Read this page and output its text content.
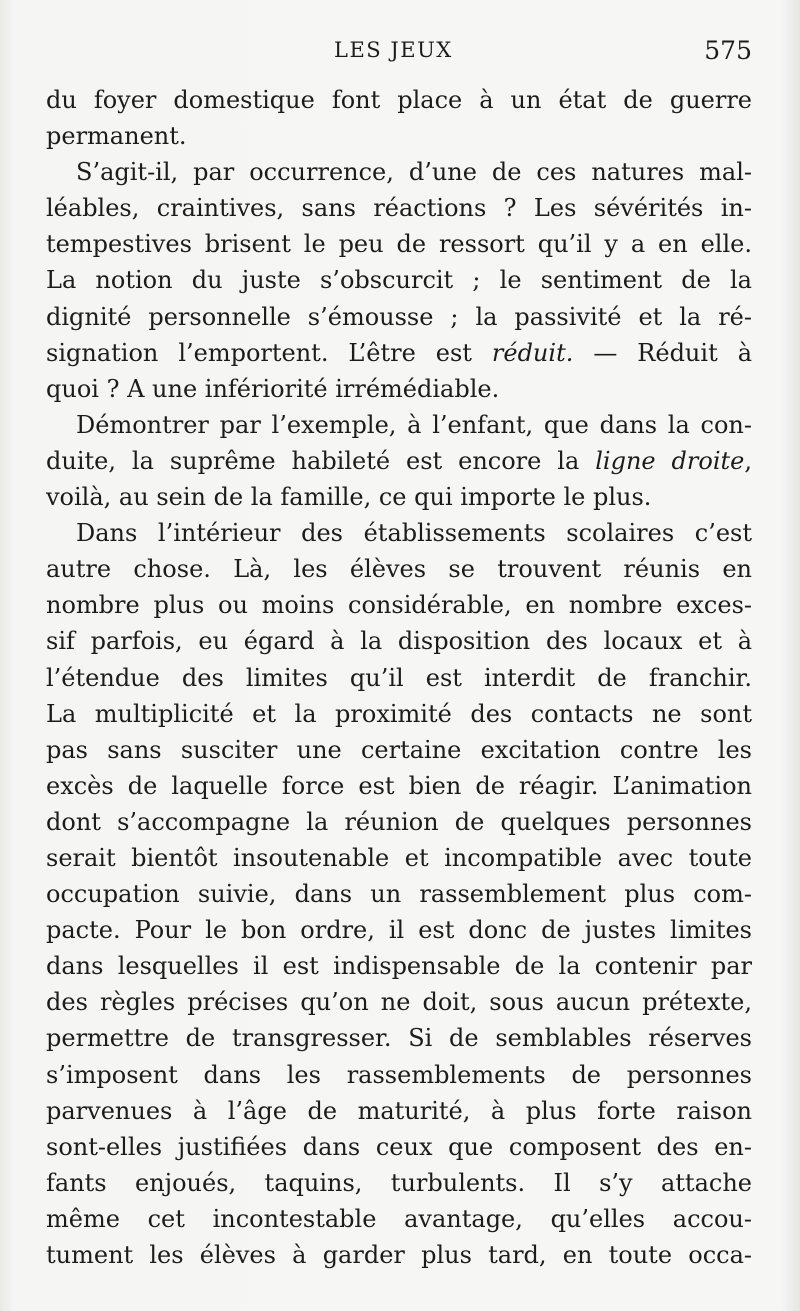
LES JEUX	575
du foyer domestique font place à un état de guerre
permanent.
S’agit-il, par occurrence, d’une de ces natures mal-
léables, craintives, sans réactions ? Les sévérités in-
tempestives brisent le peu de ressort qu’il y a en elle.
La notion du juste s’obscurcit ; le sentiment de la
dignité personnelle s’émousse ; la passivité et la ré-
signation l’emportent. L’être est réduit. — Réduit à
quoi ? A une infériorité irrémédiable.
Démontrer par l’exemple, à l’enfant, que dans la con-
duite, la suprême habileté est encore la ligne droite,
voilà, au sein de la famille, ce qui importe le plus.
Dans l’intérieur des établissements scolaires c’est
autre chose. Là, les élèves se trouvent réunis en
nombre plus ou moins considérable, en nombre exces-
sif parfois, eu égard à la disposition des locaux et à
l’étendue des limites qu’il est interdit de franchir.
La multiplicité et la proximité des contacts ne sont
pas sans susciter une certaine excitation contre les
excès de laquelle force est bien de réagir. L’animation
dont s’accompagne la réunion de quelques personnes
serait bientôt insoutenable et incompatible avec toute
occupation suivie, dans un rassemblement plus com-
pacte. Pour le bon ordre, il est donc de justes limites
dans lesquelles il est indispensable de la contenir par
des règles précises qu’on ne doit, sous aucun prétexte,
permettre de transgresser. Si de semblables réserves
s’imposent dans les rassemblements de personnes
parvenues à l’âge de maturité, à plus forte raison
sont-elles justifiées dans ceux que composent des en-
fants enjoués, taquins, turbulents. Il s’y attache
même cet incontestable avantage, qu’elles accou-
tument les élèves à garder plus tard, en toute occa-
